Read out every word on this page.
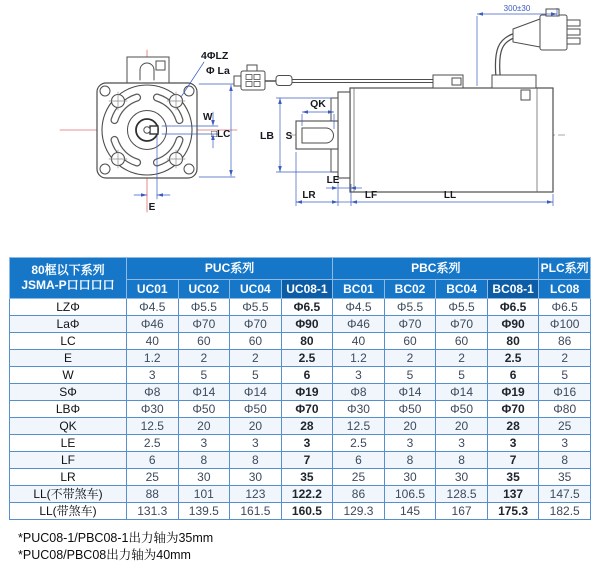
4ΦLZ
Φ La
W
□LC
E
QK
LB S
LE
LR	LF	LL
300±30
80框以下系列
JSMA-P口口口口	PUC系列				PBC系列				PLC系列
	UC01	UC02	UC04	UC08-1	BC01	BC02	BC04	BC08-1	LC08
LZΦ	Φ4.5	Φ5.5	Φ5.5	Φ6.5	Φ4.5	Φ5.5	Φ5.5	Φ6.5	Φ6.5
LaΦ	Φ46	Φ70	Φ70	Φ90	Φ46	Φ70	Φ70	Φ90	Φ100
LC	40	60	60	80	40	60	60	80	86
E	1.2	2	2	2.5	1.2	2	2	2.5	2
W	3	5	5	6	3	5	5	6	5
SΦ	Φ8	Φ14	Φ14	Φ19	Φ8	Φ14	Φ14	Φ19	Φ16
LBΦ	Φ30	Φ50	Φ50	Φ70	Φ30	Φ50	Φ50	Φ70	Φ80
QK	12.5	20	20	28	12.5	20	20	28	25
LE	2.5	3	3	3	2.5	3	3	3	3
LF	6	8	8	7	6	8	8	7	8
LR	25	30	30	35	25	30	30	35	35
LL(不带煞车)	88	101	123	122.2	86	106.5	128.5	137	147.5
LL(带煞车)	131.3	139.5	161.5	160.5	129.3	145	167	175.3	182.5
*PUC08-1/PBC08-1出力轴为35mm
*PUC08/PBC08出力轴为40mm
